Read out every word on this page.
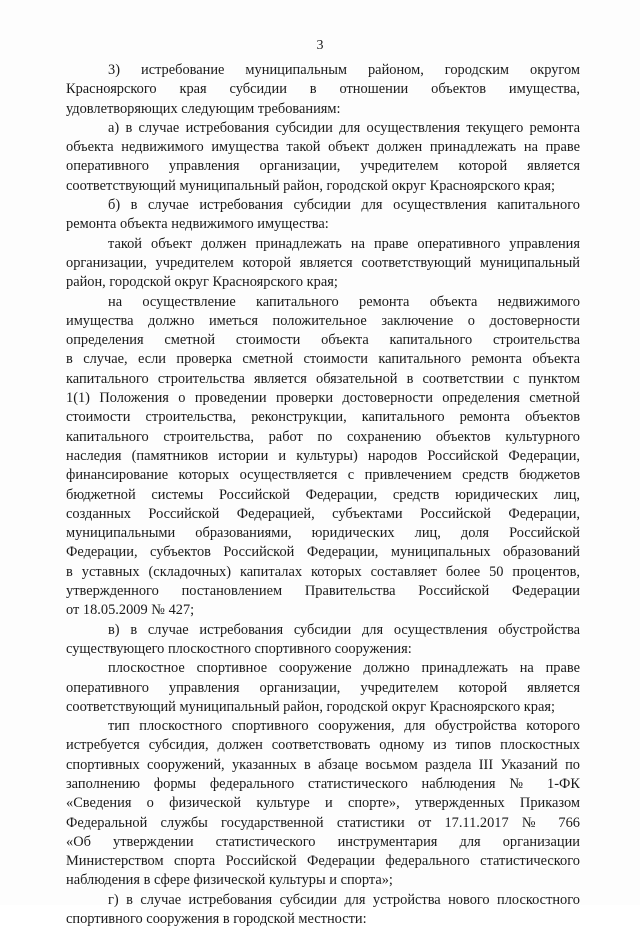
3
3) истребование муниципальным районом, городским округом
Красноярского края субсидии в отношении объектов имущества,
удовлетворяющих следующим требованиям:
а) в случае истребования субсидии для осуществления текущего ремонта
объекта недвижимого имущества такой объект должен принадлежать на праве
оперативного управления организации, учредителем которой является
соответствующий муниципальный район, городской округ Красноярского края;
б) в случае истребования субсидии для осуществления капитального
ремонта объекта недвижимого имущества:
такой объект должен принадлежать на праве оперативного управления
организации, учредителем которой является соответствующий муниципальный
район, городской округ Красноярского края;
на осуществление капитального ремонта объекта недвижимого
имущества должно иметься положительное заключение о достоверности
определения сметной стоимости объекта капитального строительства
в случае, если проверка сметной стоимости капитального ремонта объекта
капитального строительства является обязательной в соответствии с пунктом
1(1) Положения о проведении проверки достоверности определения сметной
стоимости строительства, реконструкции, капитального ремонта объектов
капитального строительства, работ по сохранению объектов культурного
наследия (памятников истории и культуры) народов Российской Федерации,
финансирование которых осуществляется с привлечением средств бюджетов
бюджетной системы Российской Федерации, средств юридических лиц,
созданных Российской Федерацией, субъектами Российской Федерации,
муниципальными образованиями, юридических лиц, доля Российской
Федерации, субъектов Российской Федерации, муниципальных образований
в уставных (складочных) капиталах которых составляет более 50 процентов,
утвержденного постановлением Правительства Российской Федерации
от 18.05.2009 № 427;
в) в случае истребования субсидии для осуществления обустройства
существующего плоскостного спортивного сооружения:
плоскостное спортивное сооружение должно принадлежать на праве
оперативного управления организации, учредителем которой является
соответствующий муниципальный район, городской округ Красноярского края;
тип плоскостного спортивного сооружения, для обустройства которого
истребуется субсидия, должен соответствовать одному из типов плоскостных
спортивных сооружений, указанных в абзаце восьмом раздела III Указаний по
заполнению формы федерального статистического наблюдения № 1-ФК
«Сведения о физической культуре и спорте», утвержденных Приказом
Федеральной службы государственной статистики от 17.11.2017 № 766
«Об утверждении статистического инструментария для организации
Министерством спорта Российской Федерации федерального статистического
наблюдения в сфере физической культуры и спорта»;
г) в случае истребования субсидии для устройства нового плоскостного
спортивного сооружения в городской местности:
